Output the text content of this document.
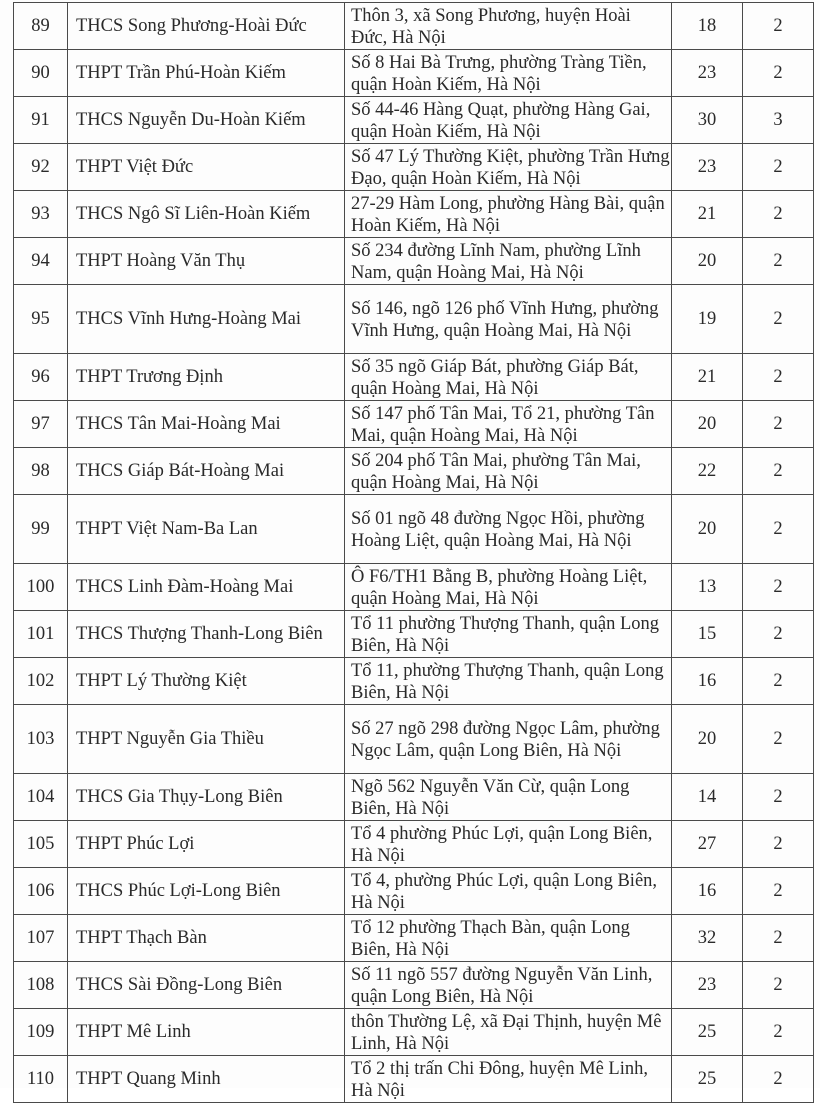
89	THCS Song Phương-Hoài Đức	Thôn 3, xã Song Phương, huyện Hoài Đức, Hà Nội	18	2
90	THPT Trần Phú-Hoàn Kiếm	Số 8 Hai Bà Trưng, phường Tràng Tiền, quận Hoàn Kiếm, Hà Nội	23	2
91	THCS Nguyễn Du-Hoàn Kiếm	Số 44-46 Hàng Quạt, phường Hàng Gai, quận Hoàn Kiếm, Hà Nội	30	3
92	THPT Việt Đức	Số 47 Lý Thường Kiệt, phường Trần Hưng Đạo, quận Hoàn Kiếm, Hà Nội	23	2
93	THCS Ngô Sĩ Liên-Hoàn Kiếm	27-29 Hàm Long, phường Hàng Bài, quận Hoàn Kiếm, Hà Nội	21	2
94	THPT Hoàng Văn Thụ	Số 234 đường Lĩnh Nam, phường Lĩnh Nam, quận Hoàng Mai, Hà Nội	20	2
95	THCS Vĩnh Hưng-Hoàng Mai	Số 146, ngõ 126 phố Vĩnh Hưng, phường Vĩnh Hưng, quận Hoàng Mai, Hà Nội	19	2
96	THPT Trương Định	Số 35 ngõ Giáp Bát, phường Giáp Bát, quận Hoàng Mai, Hà Nội	21	2
97	THCS Tân Mai-Hoàng Mai	Số 147 phố Tân Mai, Tổ 21, phường Tân Mai, quận Hoàng Mai, Hà Nội	20	2
98	THCS Giáp Bát-Hoàng Mai	Số 204 phố Tân Mai, phường Tân Mai, quận Hoàng Mai, Hà Nội	22	2
99	THPT Việt Nam-Ba Lan	Số 01 ngõ 48 đường Ngọc Hồi, phường Hoàng Liệt, quận Hoàng Mai, Hà Nội	20	2
100	THCS Linh Đàm-Hoàng Mai	Ô F6/TH1 Bằng B, phường Hoàng Liệt, quận Hoàng Mai, Hà Nội	13	2
101	THCS Thượng Thanh-Long Biên	Tổ 11 phường Thượng Thanh, quận Long Biên, Hà Nội	15	2
102	THPT Lý Thường Kiệt	Tổ 11, phường Thượng Thanh, quận Long Biên, Hà Nội	16	2
103	THPT Nguyễn Gia Thiều	Số 27 ngõ 298 đường Ngọc Lâm, phường Ngọc Lâm, quận Long Biên, Hà Nội	20	2
104	THCS Gia Thụy-Long Biên	Ngõ 562 Nguyễn Văn Cừ, quận Long Biên, Hà Nội	14	2
105	THPT Phúc Lợi	Tổ 4 phường Phúc Lợi, quận Long Biên, Hà Nội	27	2
106	THCS Phúc Lợi-Long Biên	Tổ 4, phường Phúc Lợi, quận Long Biên, Hà Nội	16	2
107	THPT Thạch Bàn	Tổ 12 phường Thạch Bàn, quận Long Biên, Hà Nội	32	2
108	THCS Sài Đồng-Long Biên	Số 11 ngõ 557 đường Nguyễn Văn Linh, quận Long Biên, Hà Nội	23	2
109	THPT Mê Linh	thôn Thường Lệ, xã Đại Thịnh, huyện Mê Linh, Hà Nội	25	2
110	THPT Quang Minh	Tổ 2 thị trấn Chi Đông, huyện Mê Linh, Hà Nội	25	2
